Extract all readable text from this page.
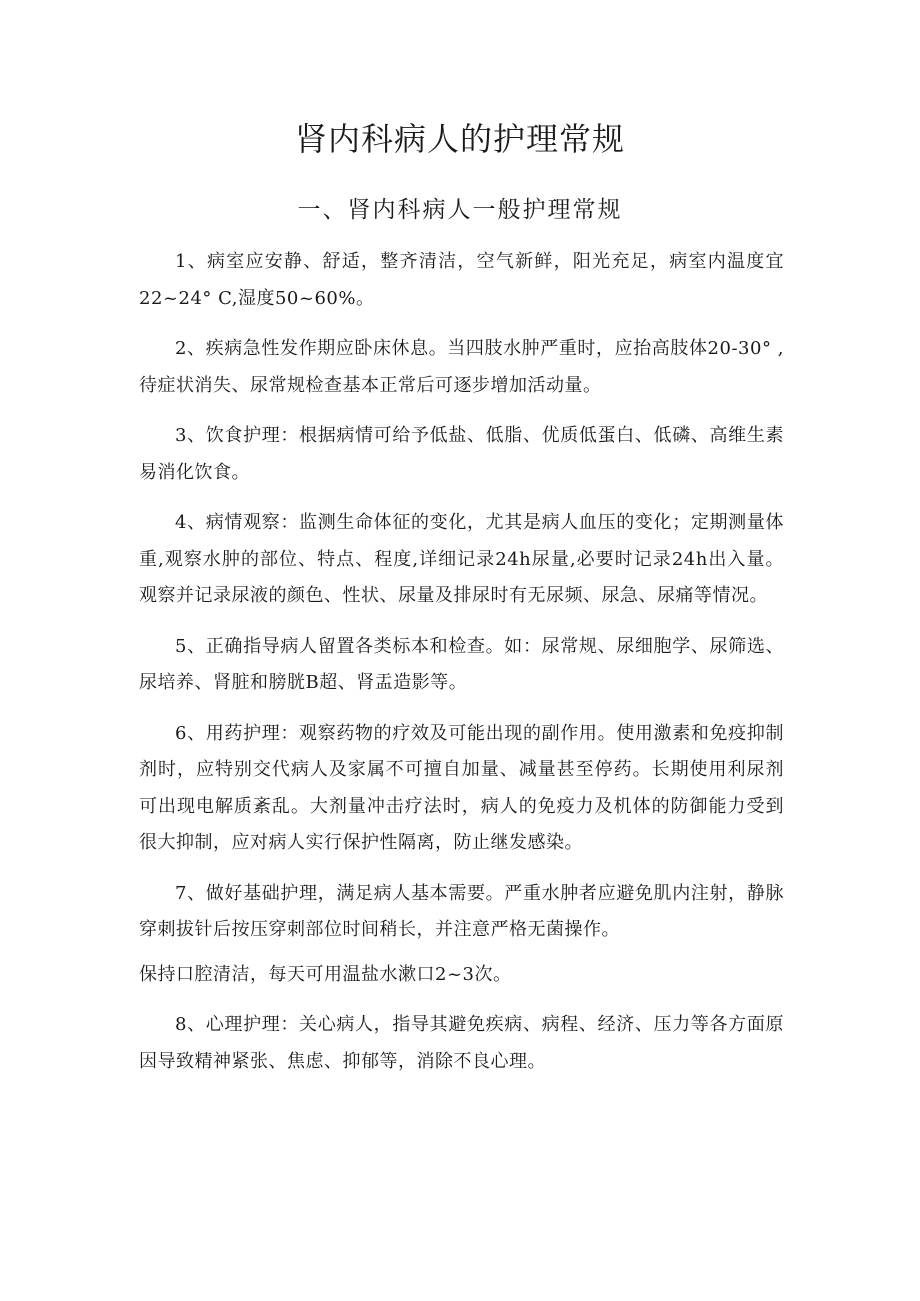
肾内科病人的护理常规
一、肾内科病人一般护理常规

1、病室应安静、舒适，整齐清洁，空气新鲜，阳光充足，病室内温度宜22~24° C,湿度50~60%。

2、疾病急性发作期应卧床休息。当四肢水肿严重时，应抬高肢体20-30° ,待症状消失、尿常规检查基本正常后可逐步增加活动量。

3、饮食护理：根据病情可给予低盐、低脂、优质低蛋白、低磷、高维生素易消化饮食。

4、病情观察：监测生命体征的变化，尤其是病人血压的变化；定期测量体重,观察水肿的部位、特点、程度,详细记录24h尿量,必要时记录24h出入量。观察并记录尿液的颜色、性状、尿量及排尿时有无尿频、尿急、尿痛等情况。

5、正确指导病人留置各类标本和检查。如：尿常规、尿细胞学、尿筛选、尿培养、肾脏和膀胱B超、肾盂造影等。

6、用药护理：观察药物的疗效及可能出现的副作用。使用激素和免疫抑制剂时，应特别交代病人及家属不可擅自加量、减量甚至停药。长期使用利尿剂可出现电解质紊乱。大剂量冲击疗法时，病人的免疫力及机体的防御能力受到很大抑制，应对病人实行保护性隔离，防止继发感染。

7、做好基础护理，满足病人基本需要。严重水肿者应避免肌内注射，静脉穿刺拔针后按压穿刺部位时间稍长，并注意严格无菌操作。

保持口腔清洁，每天可用温盐水漱口2~3次。

8、心理护理：关心病人，指导其避免疾病、病程、经济、压力等各方面原因导致精神紧张、焦虑、抑郁等，消除不良心理。
